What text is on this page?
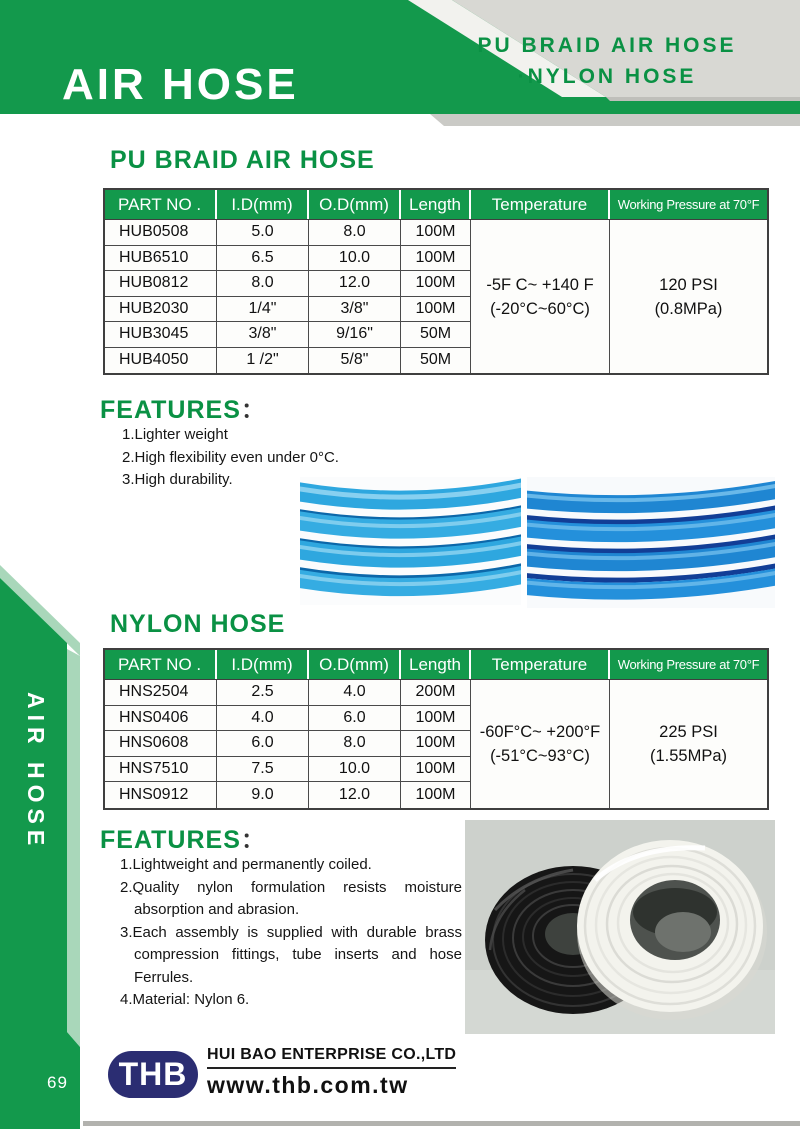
AIR HOSE
PU BRAID AIR HOSE
·NYLON HOSE
AIR HOSE
69
PU BRAID AIR HOSE
PART NO .	I.D(mm)	O.D(mm)	Length	Temperature	Working Pressure at 70°F
HUB0508	5.0	8.0	100M
HUB6510	6.5	10.0	100M
HUB0812	8.0	12.0	100M
HUB2030	1/4"	3/8"	100M
HUB3045	3/8"	9/16"	50M
HUB4050	1 /2"	5/8"	50M
-5F C~ +140 F
(-20°C~60°C)
120 PSI
(0.8MPa)
FEATURES：
1.Lighter weight
2.High flexibility even under 0°C.
3.High durability.
NYLON HOSE
PART NO .	I.D(mm)	O.D(mm)	Length	Temperature	Working Pressure at 70°F
HNS2504	2.5	4.0	200M
HNS0406	4.0	6.0	100M
HNS0608	6.0	8.0	100M
HNS7510	7.5	10.0	100M
HNS0912	9.0	12.0	100M
-60F°C~ +200°F
(-51°C~93°C)
225 PSI
(1.55MPa)
FEATURES：
1.Lightweight and permanently coiled.
2.Quality nylon formulation resists moisture absorption and abrasion.
3.Each assembly is supplied with durable brass compression fittings, tube inserts and hose Ferrules.
4.Material: Nylon 6.
THB
HUI BAO ENTERPRISE CO.,LTD
www.thb.com.tw
